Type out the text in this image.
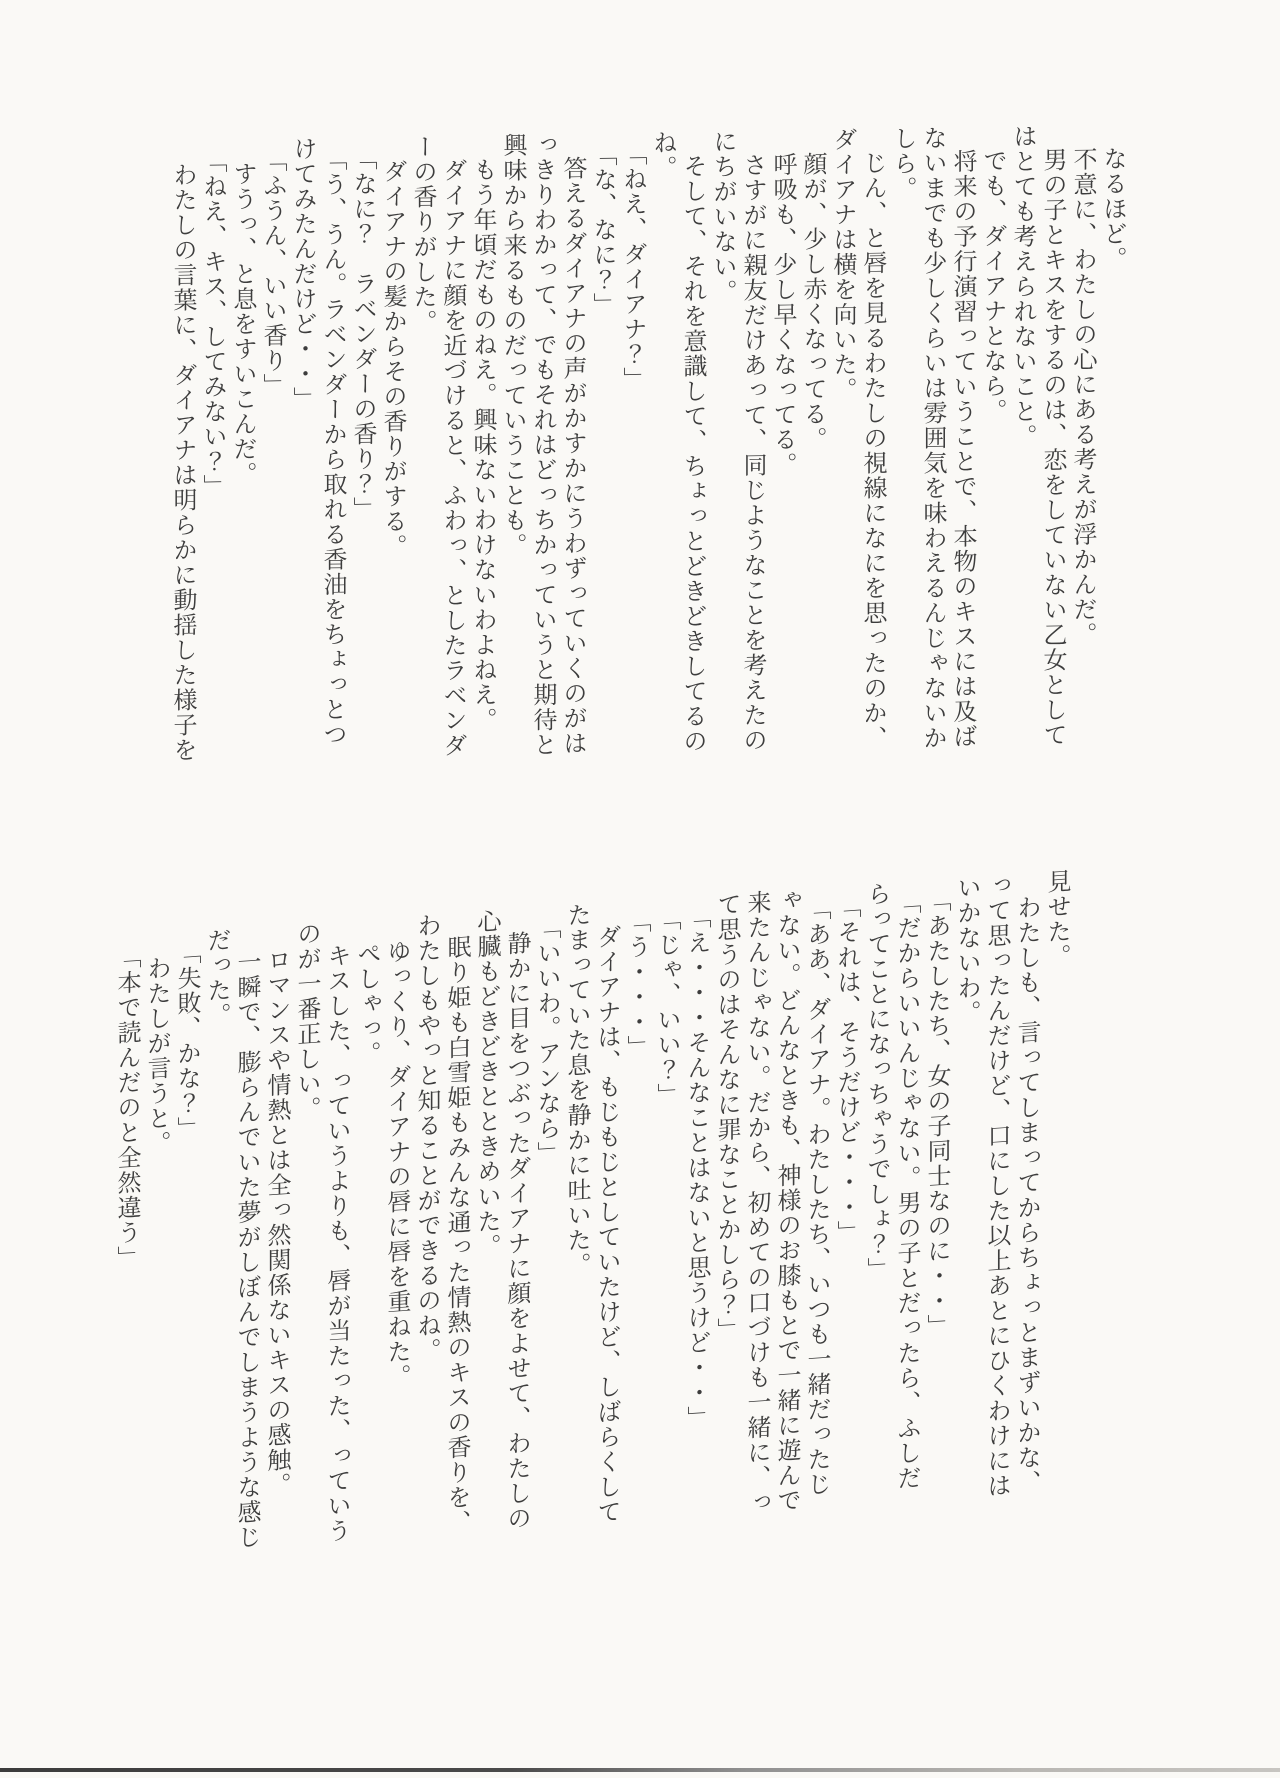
なるほど。

不意に、わたしの心にある考えが浮かんだ。

男の子とキスをするのは、恋をしていない乙女としてはとても考えられないこと。

でも、ダイアナとなら。

将来の予行演習っていうことで、本物のキスには及ばないまでも少しくらいは雰囲気を味わえるんじゃないかしら。

じん、と唇を見るわたしの視線になにを思ったのか、ダイアナは横を向いた。

顔が、少し赤くなってる。

呼吸も、少し早くなってる。

さすがに親友だけあって、同じようなことを考えたのにちがいない。

そして、それを意識して、ちょっとどきどきしてるのね。

「ねえ、ダイアナ？」

「な、なに？」

答えるダイアナの声がかすかにうわずっていくのがはっきりわかって、でもそれはどっちかっていうと期待と興味から来るものだっていうことも。

もう年頃だものねえ。興味ないわけないわよねえ。

ダイアナに顔を近づけると、ふわっ、としたラベンダーの香りがした。

ダイアナの髪からその香りがする。

「なに？　ラベンダーの香り？」

「う、うん。ラベンダーから取れる香油をちょっとつけてみたんだけど・・」

「ふうん、いい香り」

すうっ、と息をすいこんだ。

「ねえ、キス、してみない？」

わたしの言葉に、ダイアナは明らかに動揺した様子を

見せた。

わたしも、言ってしまってからちょっとまずいかな、って思ったんだけど、口にした以上あとにひくわけにはいかないわ。

「あたしたち、女の子同士なのに・・」

「だからいいんじゃない。男の子とだったら、ふしだらってことになっちゃうでしょ？」

「それは、そうだけど・・・」

「ああ、ダイアナ。わたしたち、いつも一緒だったじゃない。どんなときも、神様のお膝もとで一緒に遊んで来たんじゃない。だから、初めての口づけも一緒に、って思うのはそんなに罪なことかしら？」

「え・・・そんなことはないと思うけど・・」

「じゃ、いい？」

「う・・・」

ダイアナは、もじもじとしていたけど、しばらくしてたまっていた息を静かに吐いた。

「いいわ。アンなら」

静かに目をつぶったダイアナに顔をよせて、わたしの心臓もどきどきとときめいた。

眠り姫も白雪姫もみんな通った情熱のキスの香りを、わたしもやっと知ることができるのね。

ゆっくり、ダイアナの唇に唇を重ねた。

ぺしゃっ。

キスした、っていうよりも、唇が当たった、っていうのが一番正しい。

ロマンスや情熱とは全っ然関係ないキスの感触。

一瞬で、膨らんでいた夢がしぼんでしまうような感じだった。

「失敗、かな？」

わたしが言うと。

「本で読んだのと全然違う」
